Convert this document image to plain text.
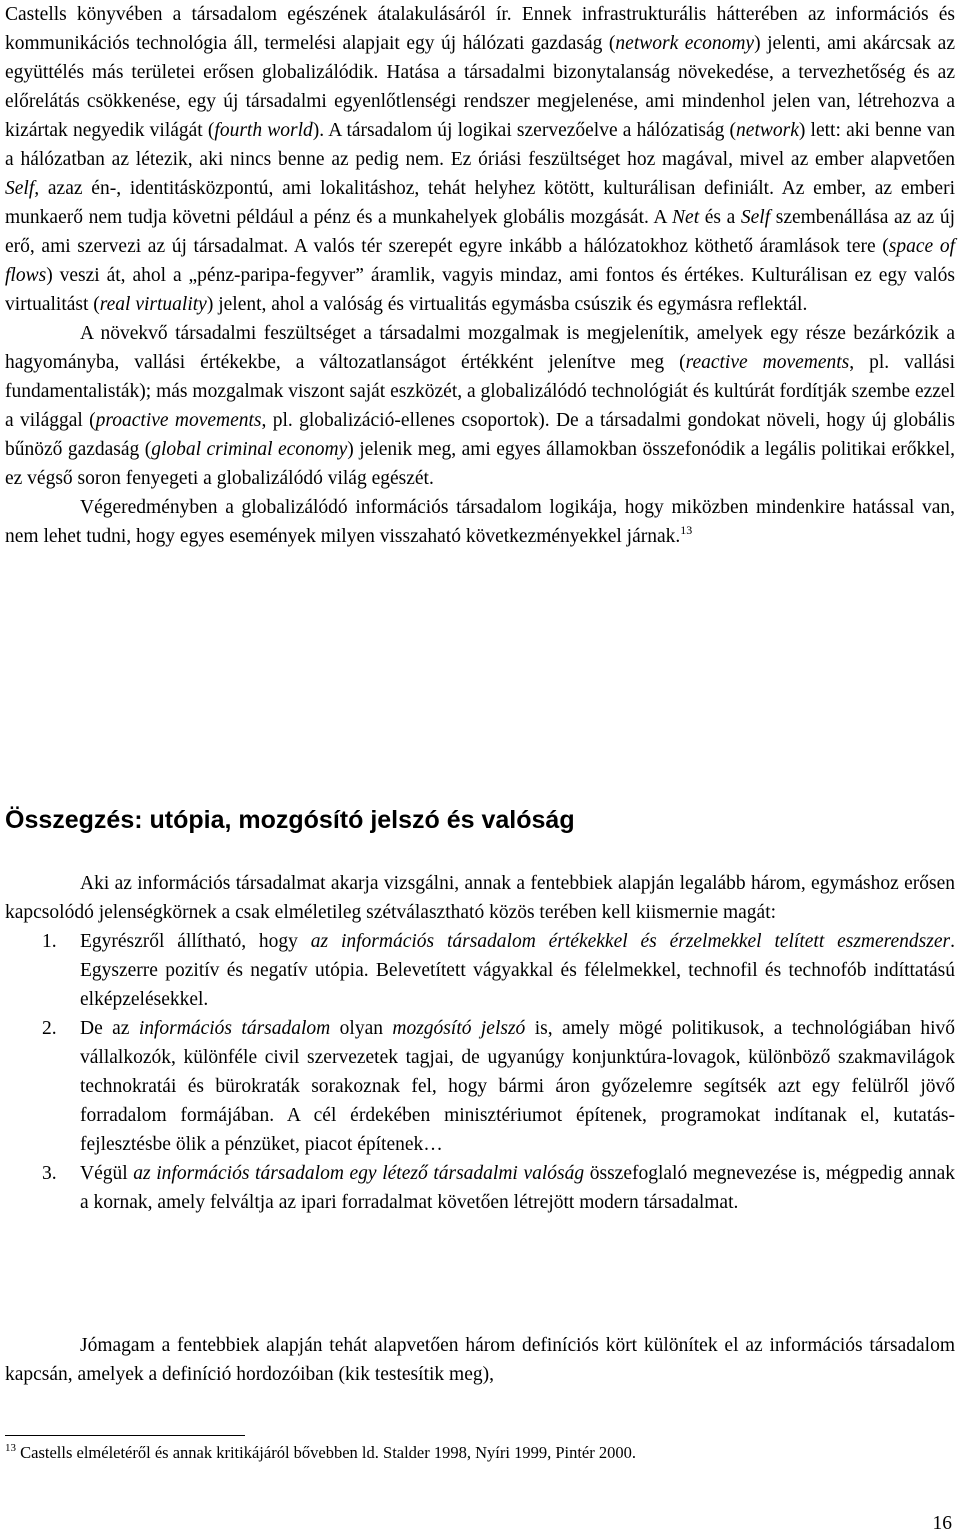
Castells könyvében a társadalom egészének átalakulásáról ír. Ennek infrastrukturális hátterében az információs és kommunikációs technológia áll, termelési alapjait egy új hálózati gazdaság (network economy) jelenti, ami akárcsak az együttélés más területei erősen globalizálódik. Hatása a társadalmi bizonytalanság növekedése, a tervezhetőség és az előrelátás csökkenése, egy új társadalmi egyenlőtlenségi rendszer megjelenése, ami mindenhol jelen van, létrehozva a kizártak negyedik világát (fourth world). A társadalom új logikai szervezőelve a hálózatiság (network) lett: aki benne van a hálózatban az létezik, aki nincs benne az pedig nem. Ez óriási feszültséget hoz magával, mivel az ember alapvetően Self, azaz én-, identitásközpontú, ami lokalitáshoz, tehát helyhez kötött, kulturálisan definiált. Az ember, az emberi munkaerő nem tudja követni például a pénz és a munkahelyek globális mozgását. A Net és a Self szembenállása az az új erő, ami szervezi az új társadalmat. A valós tér szerepét egyre inkább a hálózatokhoz köthető áramlások tere (space of flows) veszi át, ahol a „pénz-paripa-fegyver” áramlik, vagyis mindaz, ami fontos és értékes. Kulturálisan ez egy valós virtualitást (real virtuality) jelent, ahol a valóság és virtualitás egymásba csúszik és egymásra reflektál.

A növekvő társadalmi feszültséget a társadalmi mozgalmak is megjelenítik, amelyek egy része bezárkózik a hagyományba, vallási értékekbe, a változatlanságot értékként jelenítve meg (reactive movements, pl. vallási fundamentalisták); más mozgalmak viszont saját eszközét, a globalizálódó technológiát és kultúrát fordítják szembe ezzel a világgal (proactive movements, pl. globalizáció-ellenes csoportok). De a társadalmi gondokat növeli, hogy új globális bűnöző gazdaság (global criminal economy) jelenik meg, ami egyes államokban összefonódik a legális politikai erőkkel, ez végső soron fenyegeti a globalizálódó világ egészét.

Végeredményben a globalizálódó információs társadalom logikája, hogy miközben mindenkire hatással van, nem lehet tudni, hogy egyes események milyen visszaható következményekkel járnak.$^{13}$

Összegzés: utópia, mozgósító jelszó és valóság

Aki az információs társadalmat akarja vizsgálni, annak a fentebbiek alapján legalább három, egymáshoz erősen kapcsolódó jelenségkörnek a csak elméletileg szétválasztható közös terében kell kiismernie magát:

1. Egyrészről állítható, hogy az információs társadalom értékekkel és érzelmekkel telített eszmerendszer. Egyszerre pozitív és negatív utópia. Belevetített vágyakkal és félelmekkel, technofil és technofób indíttatású elképzelésekkel.
2. De az információs társadalom olyan mozgósító jelszó is, amely mögé politikusok, a technológiában hivő vállalkozók, különféle civil szervezetek tagjai, de ugyanúgy konjunktúra-lovagok, különböző szakmavilágok technokratái és bürokraták sorakoznak fel, hogy bármi áron győzelemre segítsék azt egy felülről jövő forradalom formájában. A cél érdekében minisztériumot építenek, programokat indítanak el, kutatás-fejlesztésbe ölik a pénzüket, piacot építenek…
3. Végül az információs társadalom egy létező társadalmi valóság összefoglaló megnevezése is, mégpedig annak a kornak, amely felváltja az ipari forradalmat követően létrejött modern társadalmat.

Jómagam a fentebbiek alapján tehát alapvetően három definíciós kört különítek el az információs társadalom kapcsán, amelyek a definíció hordozóiban (kik testesítik meg),

$^{13}$ Castells elméletéről és annak kritikájáról bővebben ld. Stalder 1998, Nyíri 1999, Pintér 2000.
16
